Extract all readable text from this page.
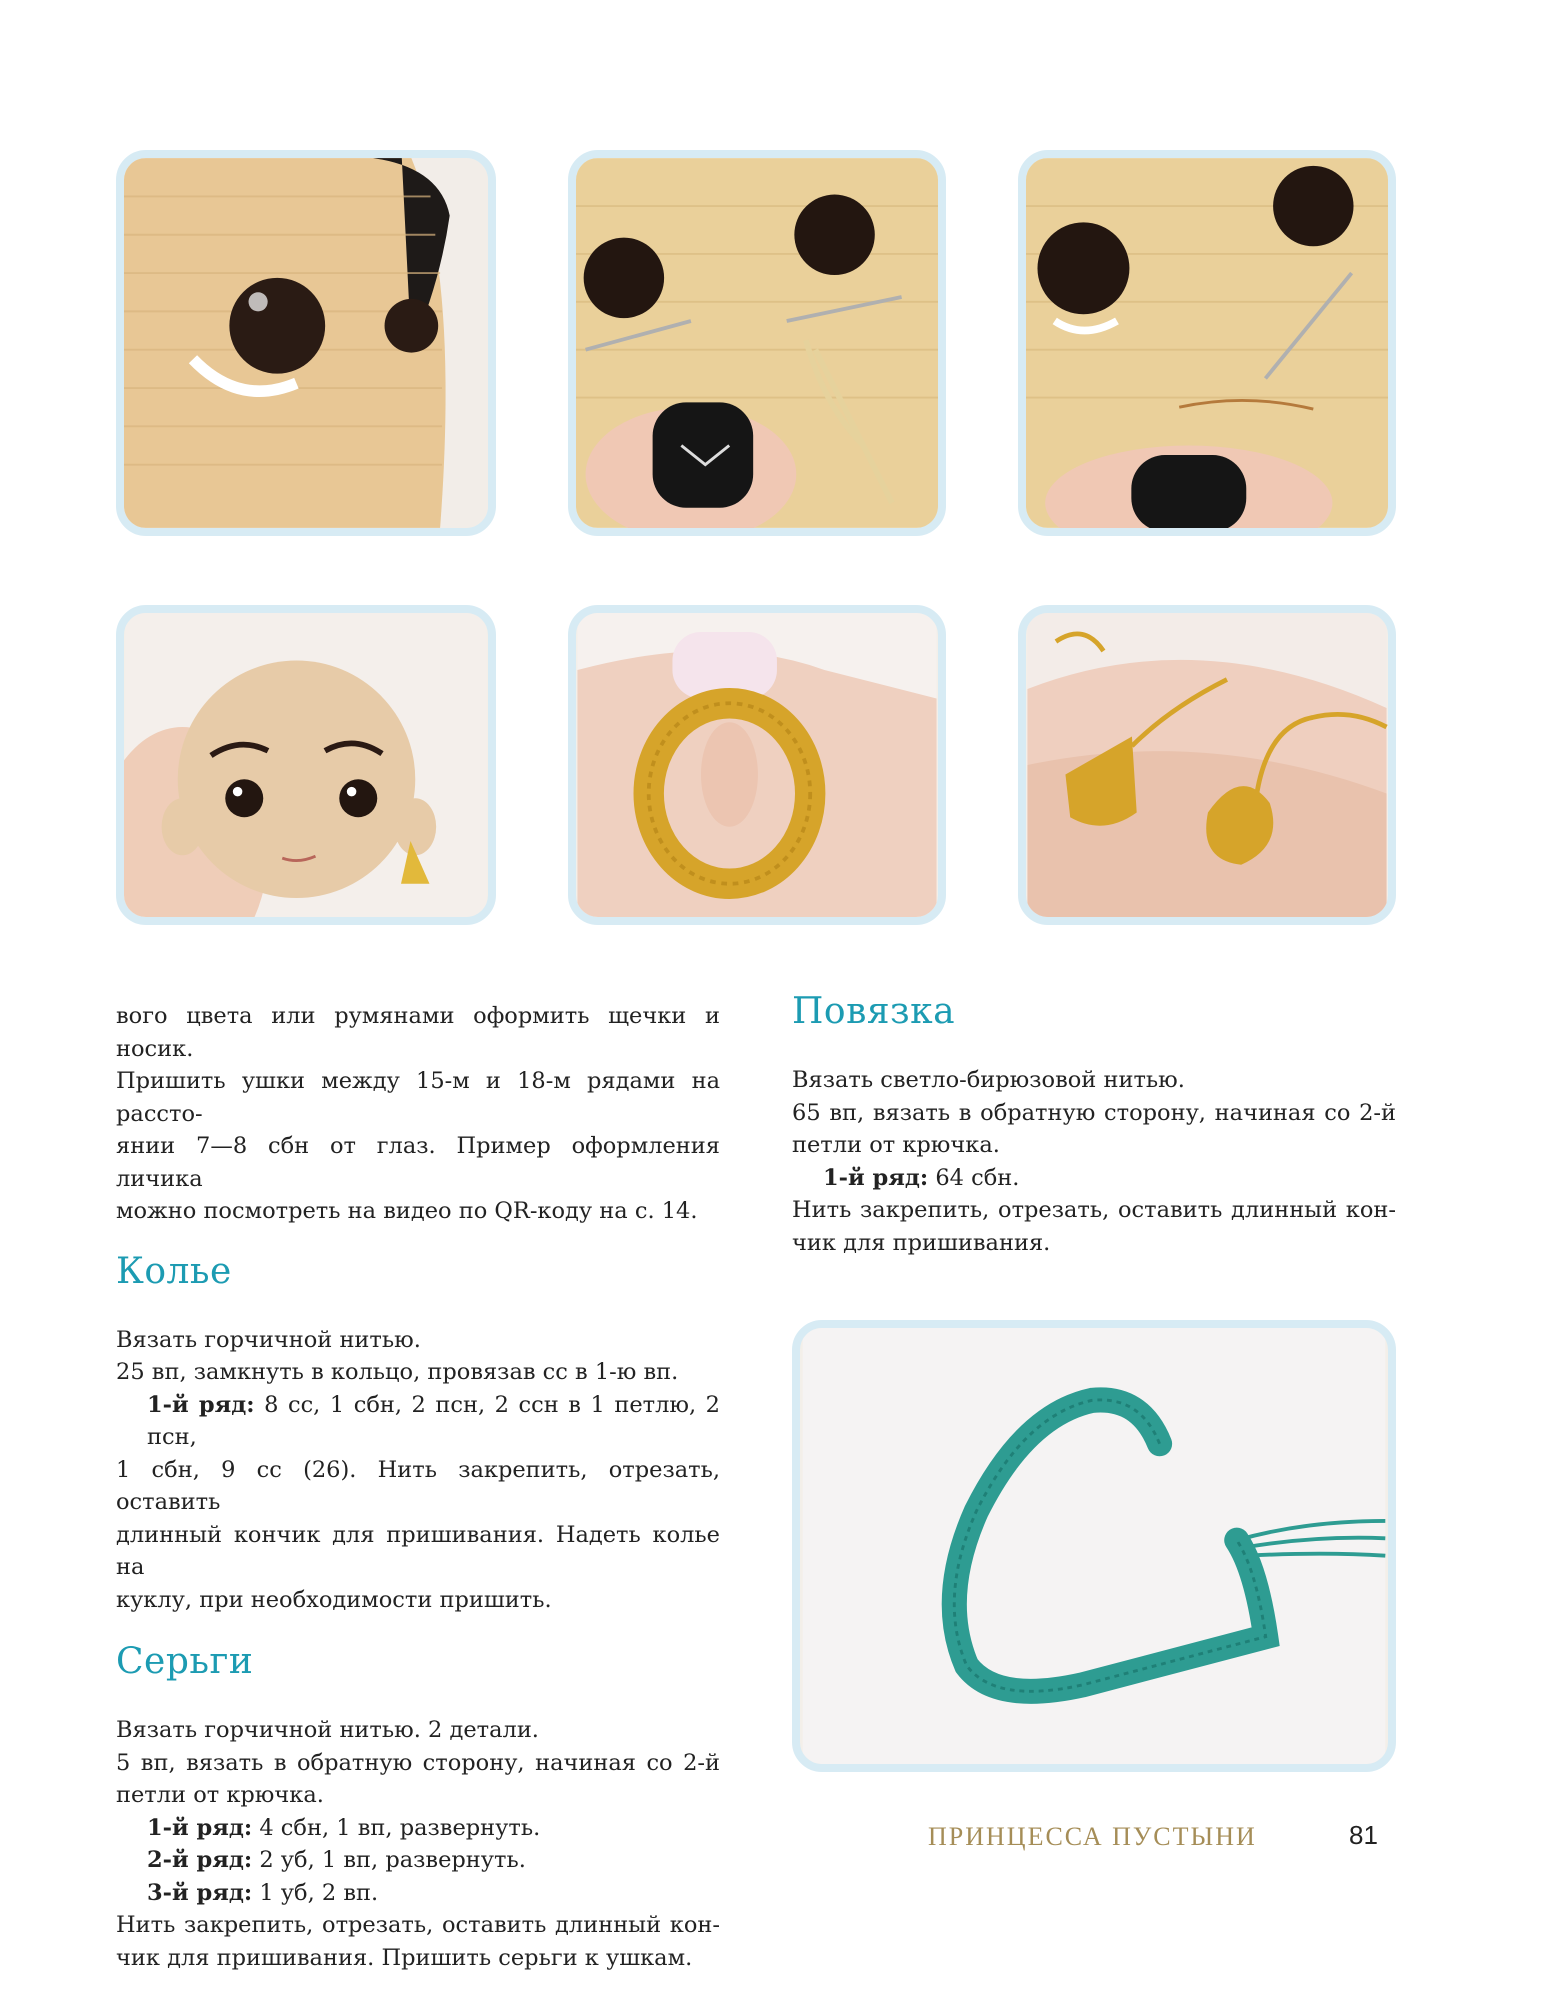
вого цвета или румянами оформить щечки и носик.

Пришить ушки между 15-м и 18-м рядами на рассто-

янии 7—8 сбн от глаз. Пример оформления личика

можно посмотреть на видео по QR-коду на с. 14.

Колье

Вязать горчичной нитью.

25 вп, замкнуть в кольцо, провязав сс в 1-ю вп.

1-й ряд: 8 сс, 1 сбн, 2 псн, 2 ссн в 1 петлю, 2 псн,

1 сбн, 9 сс (26). Нить закрепить, отрезать, оставить

длинный кончик для пришивания. Надеть колье на

куклу, при необходимости пришить.

Серьги

Вязать горчичной нитью. 2 детали.

5 вп, вязать в обратную сторону, начиная со 2-й

петли от крючка.

1-й ряд: 4 сбн, 1 вп, развернуть.

2-й ряд: 2 уб, 1 вп, развернуть.

3-й ряд: 1 уб, 2 вп.

Нить закрепить, отрезать, оставить длинный кон-

чик для пришивания. Пришить серьги к ушкам.

Повязка

Вязать светло-бирюзовой нитью.

65 вп, вязать в обратную сторону, начиная со 2-й

петли от крючка.

1-й ряд: 64 сбн.

Нить закрепить, отрезать, оставить длинный кон-

чик для пришивания.

ПРИНЦЕССА ПУСТЫНИ	81
